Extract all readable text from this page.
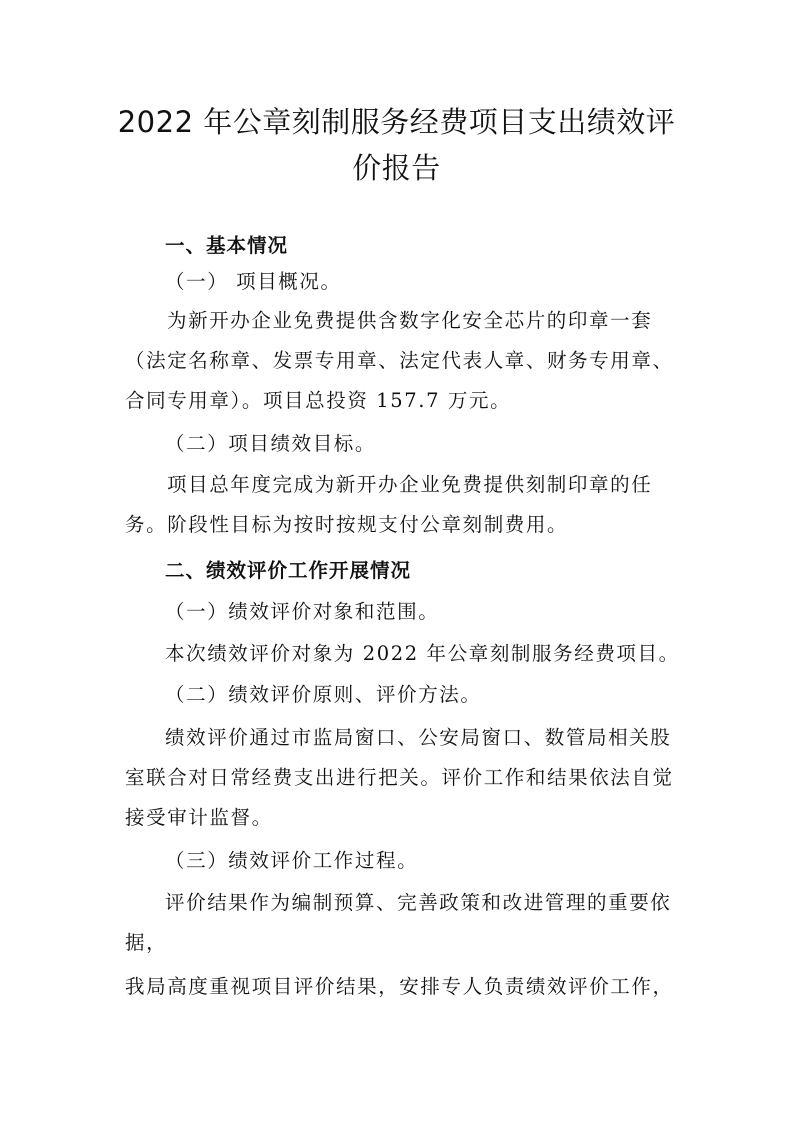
2022 年公章刻制服务经费项目支出绩效评
价报告
一、基本情况
（一） 项目概况。
为新开办企业免费提供含数字化安全芯片的印章一套
（法定名称章、发票专用章、法定代表人章、财务专用章、
合同专用章）。项目总投资 157.7 万元。
（二）项目绩效目标。
项目总年度完成为新开办企业免费提供刻制印章的任
务。阶段性目标为按时按规支付公章刻制费用。
二、绩效评价工作开展情况
（一）绩效评价对象和范围。
本次绩效评价对象为 2022 年公章刻制服务经费项目。
（二）绩效评价原则、评价方法。
绩效评价通过市监局窗口、公安局窗口、数管局相关股
室联合对日常经费支出进行把关。评价工作和结果依法自觉
接受审计监督。
（三）绩效评价工作过程。
评价结果作为编制预算、完善政策和改进管理的重要依
据，
我局高度重视项目评价结果，安排专人负责绩效评价工作，
